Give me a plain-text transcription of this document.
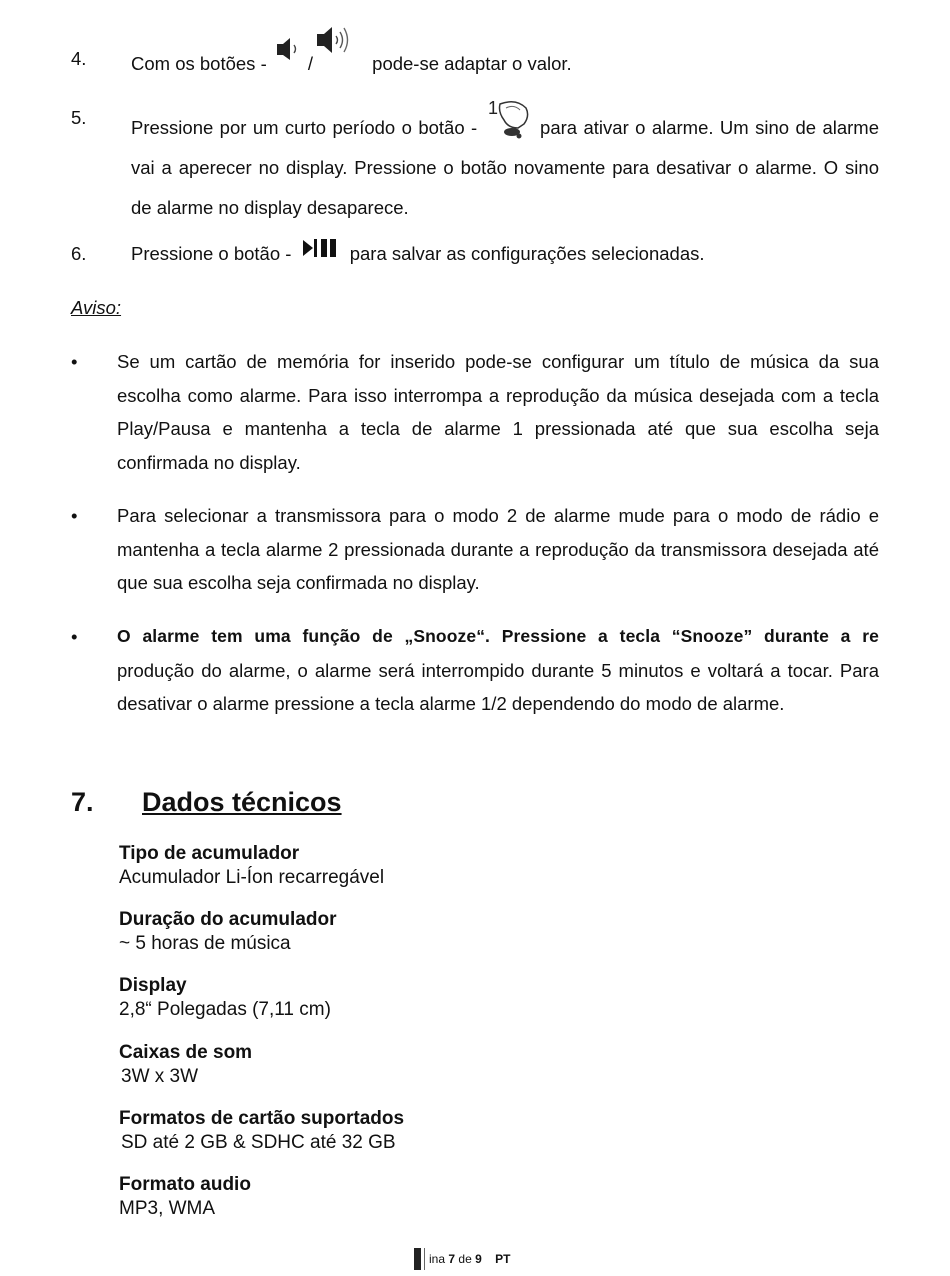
4. Com os botões - /	pode-se adaptar o valor.
5. Pressione por um curto período o botão -
1
para ativar o alarme. Um sino de alarme vai a aperecer no display. Pressione o botão novamente para desativar o alarme. O sino de alarme no display desaparece.
6. Pressione o botão -	para salvar as configurações selecionadas.
Aviso:
• Se um cartão de memória for inserido pode-se configurar um título de música da sua escolha como alarme. Para isso interrompa a reprodução da música desejada com a tecla Play/Pausa e mantenha a tecla de alarme 1 pressionada até que sua escolha seja confirmada no display.
• Para selecionar a transmissora para o modo 2 de alarme mude para o modo de rádio e mantenha a tecla alarme 2 pressionada durante a reprodução da transmissora desejada até que sua escolha seja confirmada no display.
• O alarme tem uma função de „Snooze“. Pressione a tecla “Snooze” durante a re
produção do alarme, o alarme será interrompido durante 5 minutos e voltará a tocar. Para desativar o alarme pressione a tecla alarme 1/2 dependendo do modo de alarme.
7. Dados técnicos
Tipo de acumulador
Acumulador Li-Íon recarregável
Duração do acumulador
~ 5 horas de música
Display
2,8“ Polegadas (7,11 cm)
Caixas de som
3W x 3W
Formatos de cartão suportados
SD até 2 GB & SDHC até 32 GB
Formato audio
MP3, WMA
ina
7
de
9
PT
